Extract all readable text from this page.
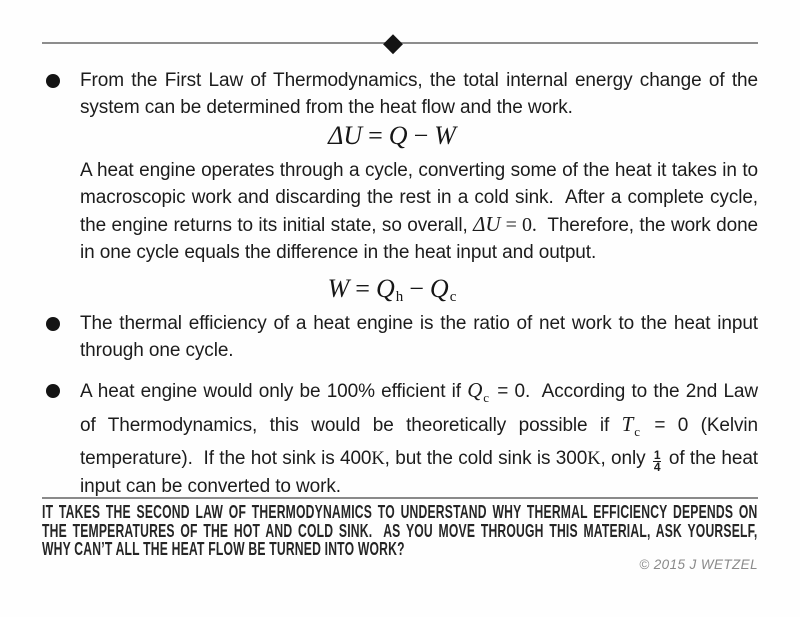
◆
From the First Law of Thermodynamics, the total internal energy change of the system can be determined from the heat flow and the work.
ΔU = Q − W
A heat engine operates through a cycle, converting some of the heat it takes in to macroscopic work and discarding the rest in a cold sink.  After a complete cycle, the engine returns to its initial state, so overall, ΔU = 0.  Therefore, the work done in one cycle equals the difference in the heat input and output.
W = Qh − Qc
The thermal efficiency of a heat engine is the ratio of net work to the heat input through one cycle.
A heat engine would only be 100% efficient if $Q_c = 0$.  According to the 2nd Law of Thermodynamics, this would be theoretically possible if $T_c = 0$ (Kelvin temperature).  If the hot sink is 400K, but the cold sink is 300K, only $\frac{1}{4}$ of the heat input can be converted to work.
IT TAKES THE SECOND LAW OF THERMODYNAMICS TO UNDERSTAND WHY THERMAL EFFICIENCY DEPENDS ON
THE TEMPERATURES OF THE HOT AND COLD SINK.  AS YOU MOVE THROUGH THIS MATERIAL, ASK YOURSELF,
WHY CAN’T ALL THE HEAT FLOW BE TURNED INTO WORK?
© 2015 J WETZEL
